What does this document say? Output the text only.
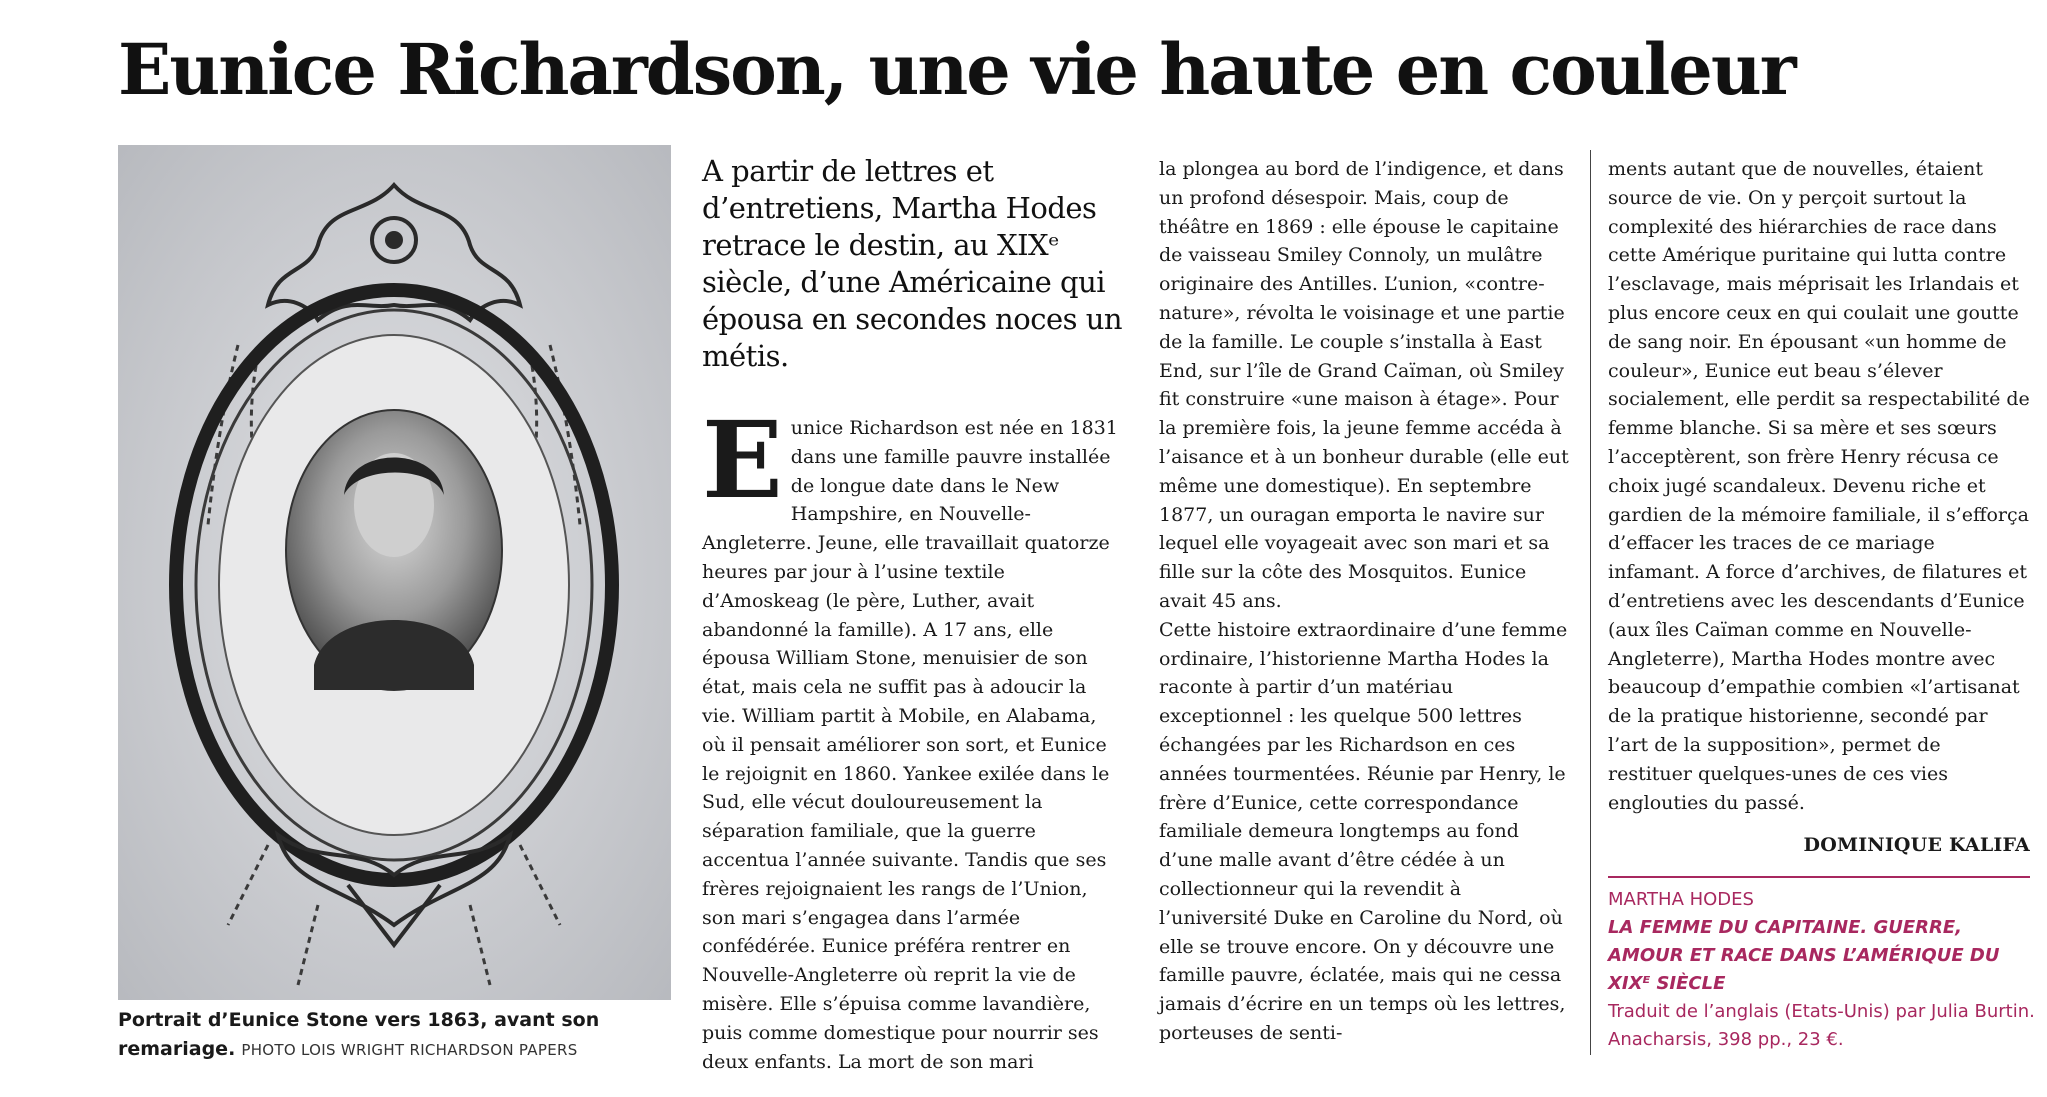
Eunice Richardson, une vie haute en couleur
Portrait d’Eunice Stone vers 1863, avant son remariage. PHOTO LOIS WRIGHT RICHARDSON PAPERS
A partir de lettres et d’entretiens, Martha Hodes retrace le destin, au XIXᵉ siècle, d’une Américaine qui épousa en secondes noces un métis.
E unice Richardson est née en 1831 dans une famille pauvre installée de longue date dans le New Hampshire, en Nouvelle-Angleterre. Jeune, elle travaillait quatorze heures par jour à l’usine textile d’Amoskeag (le père, Luther, avait abandonné la famille). A 17 ans, elle épousa William Stone, menuisier de son état, mais cela ne suffit pas à adoucir la vie. William partit à Mobile, en Alabama, où il pensait améliorer son sort, et Eunice le rejoignit en 1860. Yankee exilée dans le Sud, elle vécut douloureusement la séparation familiale, que la guerre accentua l’année suivante. Tandis que ses frères rejoignaient les rangs de l’Union, son mari s’engagea dans l’armée confédérée. Eunice préféra rentrer en Nouvelle-Angleterre où reprit la vie de misère. Elle s’épuisa comme lavandière, puis comme domestique pour nourrir ses deux enfants. La mort de son mari

la plongea au bord de l’indigence, et dans un profond désespoir. Mais, coup de théâtre en 1869 : elle épouse le capitaine de vaisseau Smiley Connoly, un mulâtre originaire des Antilles. L’union, «contre-nature», révolta le voisinage et une partie de la famille. Le couple s’installa à East End, sur l’île de Grand Caïman, où Smiley fit construire «une maison à étage». Pour la première fois, la jeune femme accéda à l’aisance et à un bonheur durable (elle eut même une domestique). En septembre 1877, un ouragan emporta le navire sur lequel elle voyageait avec son mari et sa fille sur la côte des Mosquitos. Eunice avait 45 ans.

Cette histoire extraordinaire d’une femme ordinaire, l’historienne Martha Hodes la raconte à partir d’un matériau exceptionnel : les quelque 500 lettres échangées par les Richardson en ces années tourmentées. Réunie par Henry, le frère d’Eunice, cette correspondance familiale demeura longtemps au fond d’une malle avant d’être cédée à un collectionneur qui la revendit à l’université Duke en Caroline du Nord, où elle se trouve encore. On y découvre une famille pauvre, éclatée, mais qui ne cessa jamais d’écrire en un temps où les lettres, porteuses de senti-

ments autant que de nouvelles, étaient source de vie. On y perçoit surtout la complexité des hiérarchies de race dans cette Amérique puritaine qui lutta contre l’esclavage, mais méprisait les Irlandais et plus encore ceux en qui coulait une goutte de sang noir. En épousant «un homme de couleur», Eunice eut beau s’élever socialement, elle perdit sa respectabilité de femme blanche. Si sa mère et ses sœurs l’acceptèrent, son frère Henry récusa ce choix jugé scandaleux. Devenu riche et gardien de la mémoire familiale, il s’efforça d’effacer les traces de ce mariage infamant. A force d’archives, de filatures et d’entretiens avec les descendants d’Eunice (aux îles Caïman comme en Nouvelle-Angleterre), Martha Hodes montre avec beaucoup d’empathie combien «l’artisanat de la pratique historienne, secondé par l’art de la supposition», permet de restituer quelques-unes de ces vies englouties du passé.

DOMINIQUE KALIFA
MARTHA HODES
LA FEMME DU CAPITAINE. GUERRE, AMOUR ET RACE DANS L’AMÉRIQUE DU XIXᴱ SIÈCLE
Traduit de l’anglais (Etats-Unis) par Julia Burtin. Anacharsis, 398 pp., 23 €.
